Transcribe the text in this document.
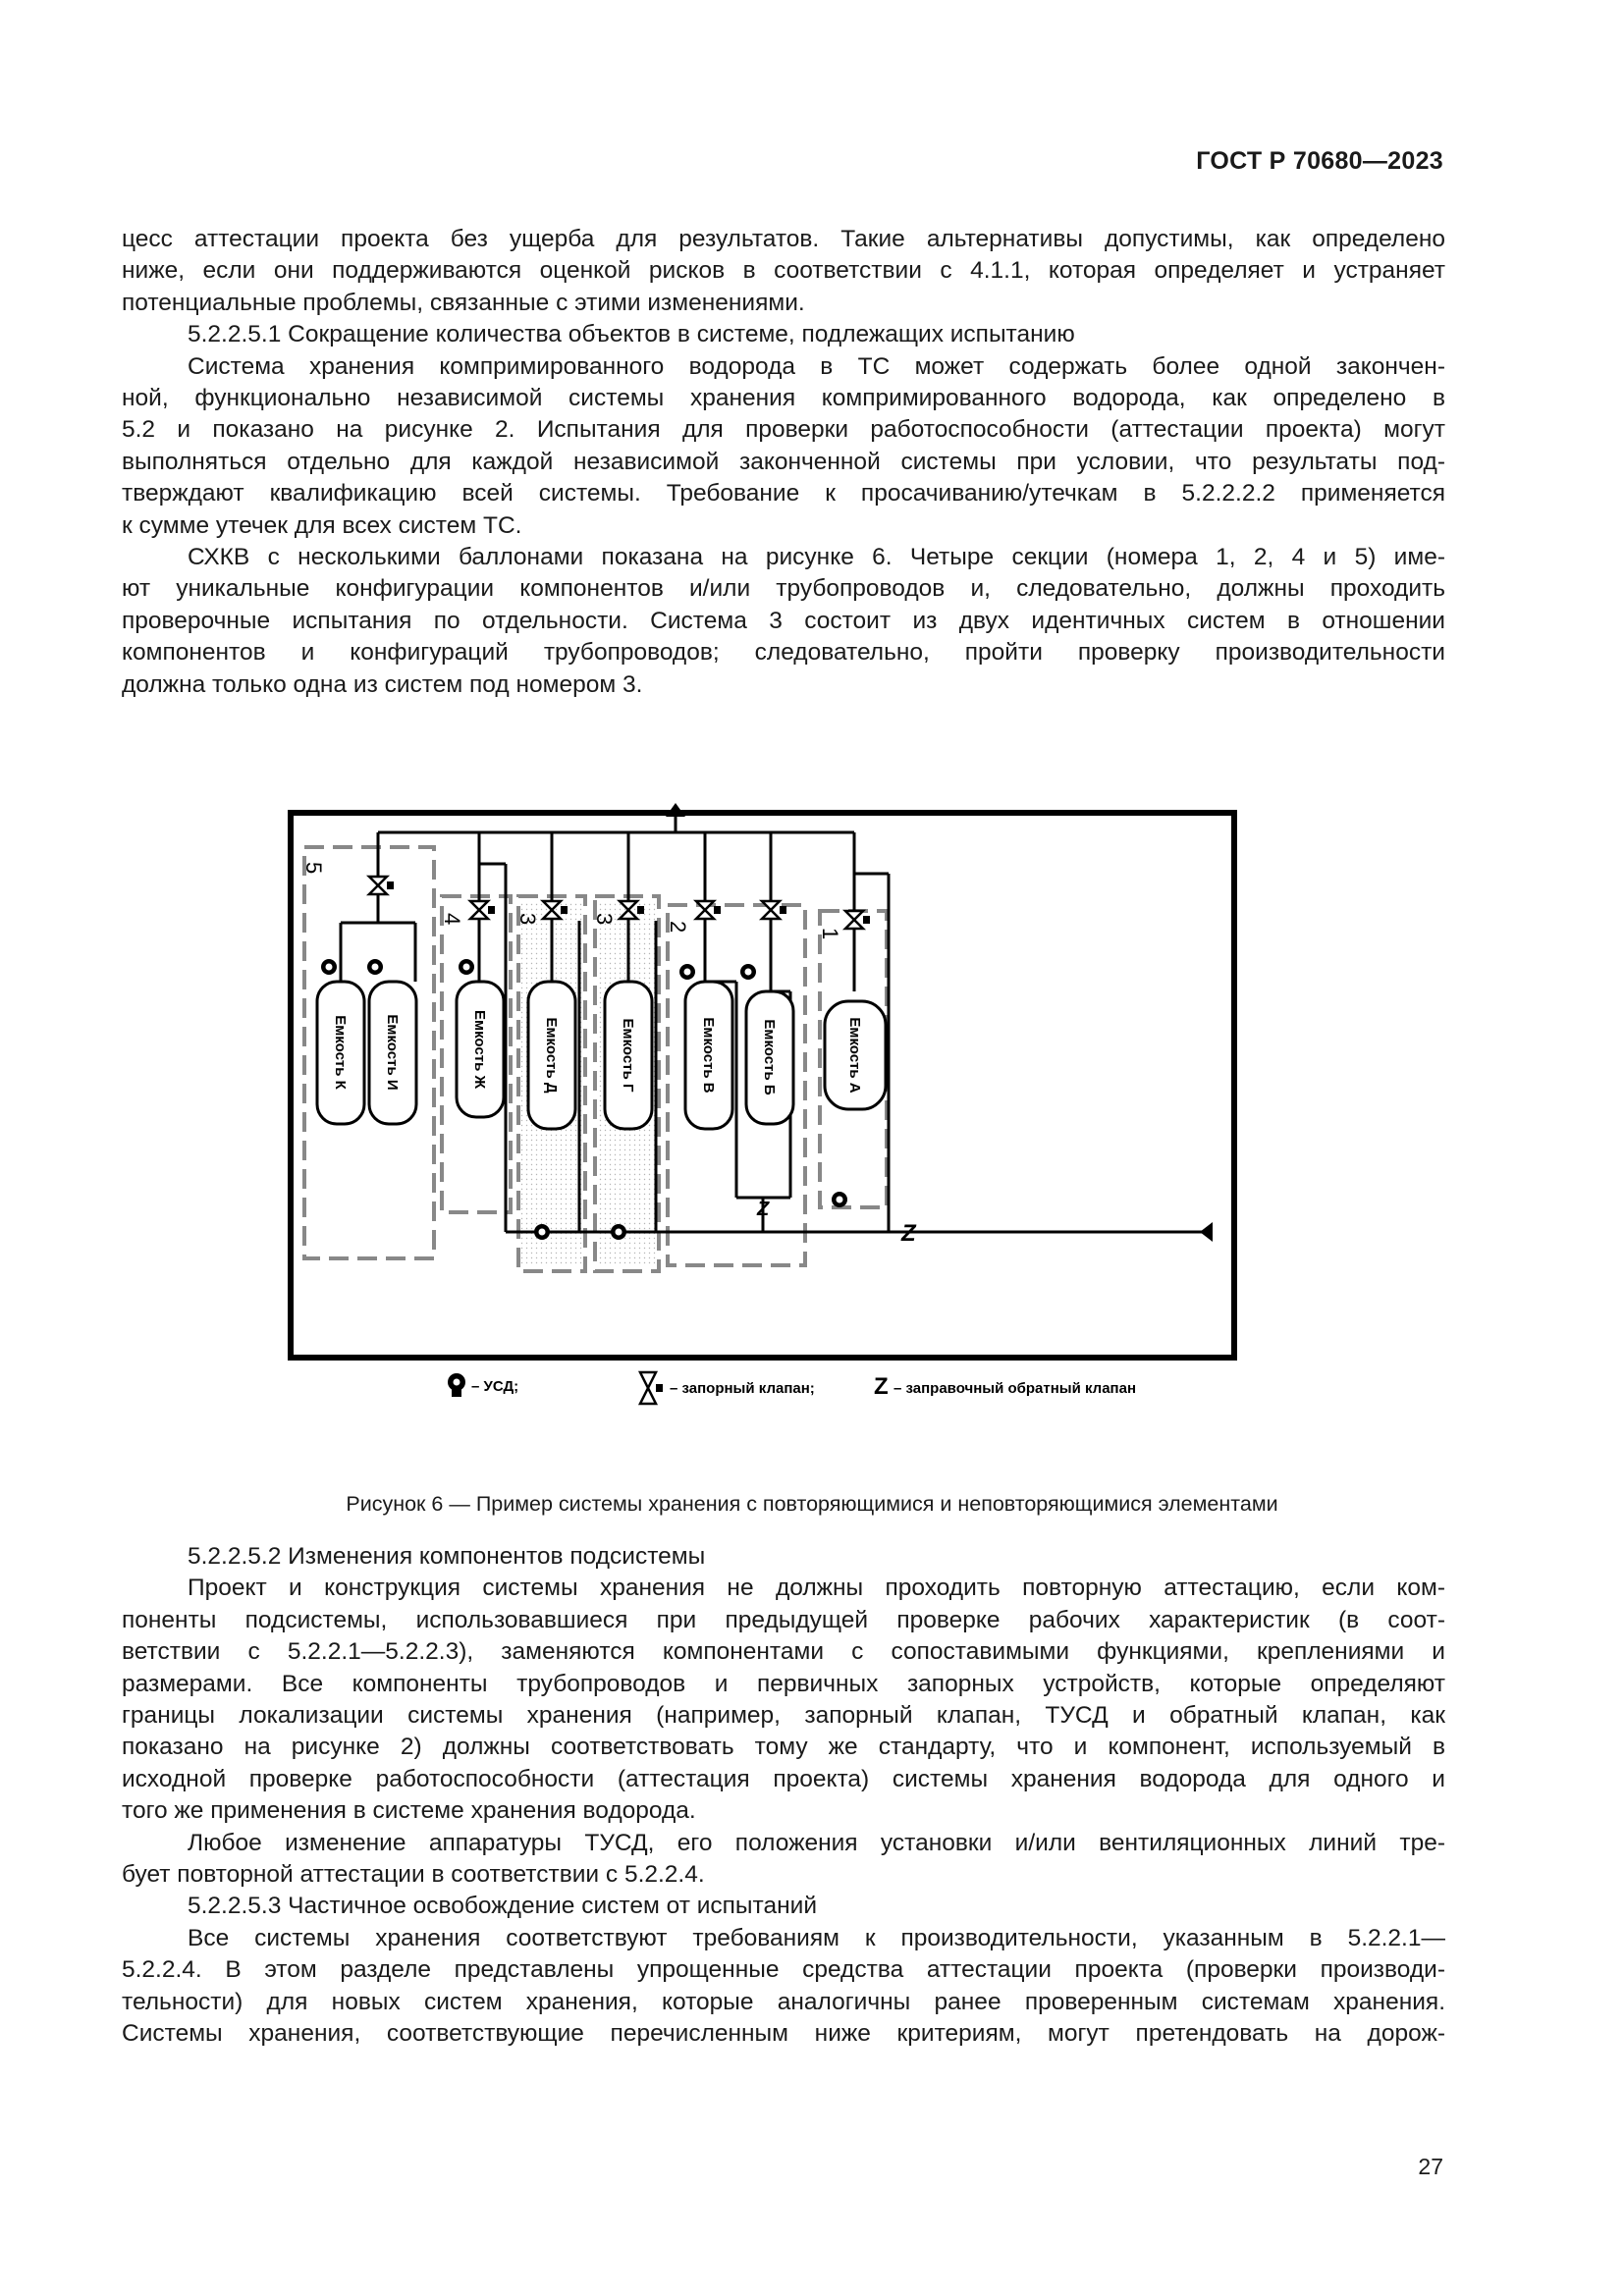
ГОСТ Р 70680—2023

цесс аттестации проекта без ущерба для результатов. Такие альтернативы допустимы, как определено

ниже, если они поддерживаются оценкой рисков в соответствии с 4.1.1, которая определяет и устраняет

потенциальные проблемы, связанные с этими изменениями.

5.2.2.5.1 Сокращение количества объектов в системе, подлежащих испытанию

Система хранения компримированного водорода в ТС может содержать более одной закончен-

ной, функционально независимой системы хранения компримированного водорода, как определено в

5.2 и показано на рисунке 2. Испытания для проверки работоспособности (аттестации проекта) могут

выполняться отдельно для каждой независимой законченной системы при условии, что результаты под-

тверждают квалификацию всей системы. Требование к просачиванию/утечкам в 5.2.2.2.2 применяется

к сумме утечек для всех систем ТС.

СХКВ с несколькими баллонами показана на рисунке 6. Четыре секции (номера 1, 2, 4 и 5) име-

ют уникальные конфигурации компонентов и/или трубопроводов и, следовательно, должны проходить

проверочные испытания по отдельности. Система 3 состоит из двух идентичных систем в отношении

компонентов и конфигураций трубопроводов; следовательно, пройти проверку производительности

должна только одна из систем под номером 3.

Z
Z
Емкость К Емкость И	Емкость Ж	Емкость Д	Емкость Г	Емкость В	Емкость Б	Емкость А
5
4 3 3
2
1
– УСД;	– запорный клапан;	Z – заправочный обратный клапан
Рисунок 6 — Пример системы хранения с повторяющимися и неповторяющимися элементами

5.2.2.5.2 Изменения компонентов подсистемы

Проект и конструкция системы хранения не должны проходить повторную аттестацию, если ком-

поненты подсистемы, использовавшиеся при предыдущей проверке рабочих характеристик (в соот-

ветствии с 5.2.2.1—5.2.2.3), заменяются компонентами с сопоставимыми функциями, креплениями и

размерами. Все компоненты трубопроводов и первичных запорных устройств, которые определяют

границы локализации системы хранения (например, запорный клапан, ТУСД и обратный клапан, как

показано на рисунке 2) должны соответствовать тому же стандарту, что и компонент, используемый в

исходной проверке работоспособности (аттестация проекта) системы хранения водорода для одного и

того же применения в системе хранения водорода.

Любое изменение аппаратуры ТУСД, его положения установки и/или вентиляционных линий тре-

бует повторной аттестации в соответствии с 5.2.2.4.

5.2.2.5.3 Частичное освобождение систем от испытаний

Все системы хранения соответствуют требованиям к производительности, указанным в 5.2.2.1—

5.2.2.4. В этом разделе представлены упрощенные средства аттестации проекта (проверки производи-

тельности) для новых систем хранения, которые аналогичны ранее проверенным системам хранения.

Системы хранения, соответствующие перечисленным ниже критериям, могут претендовать на дорож-

27
